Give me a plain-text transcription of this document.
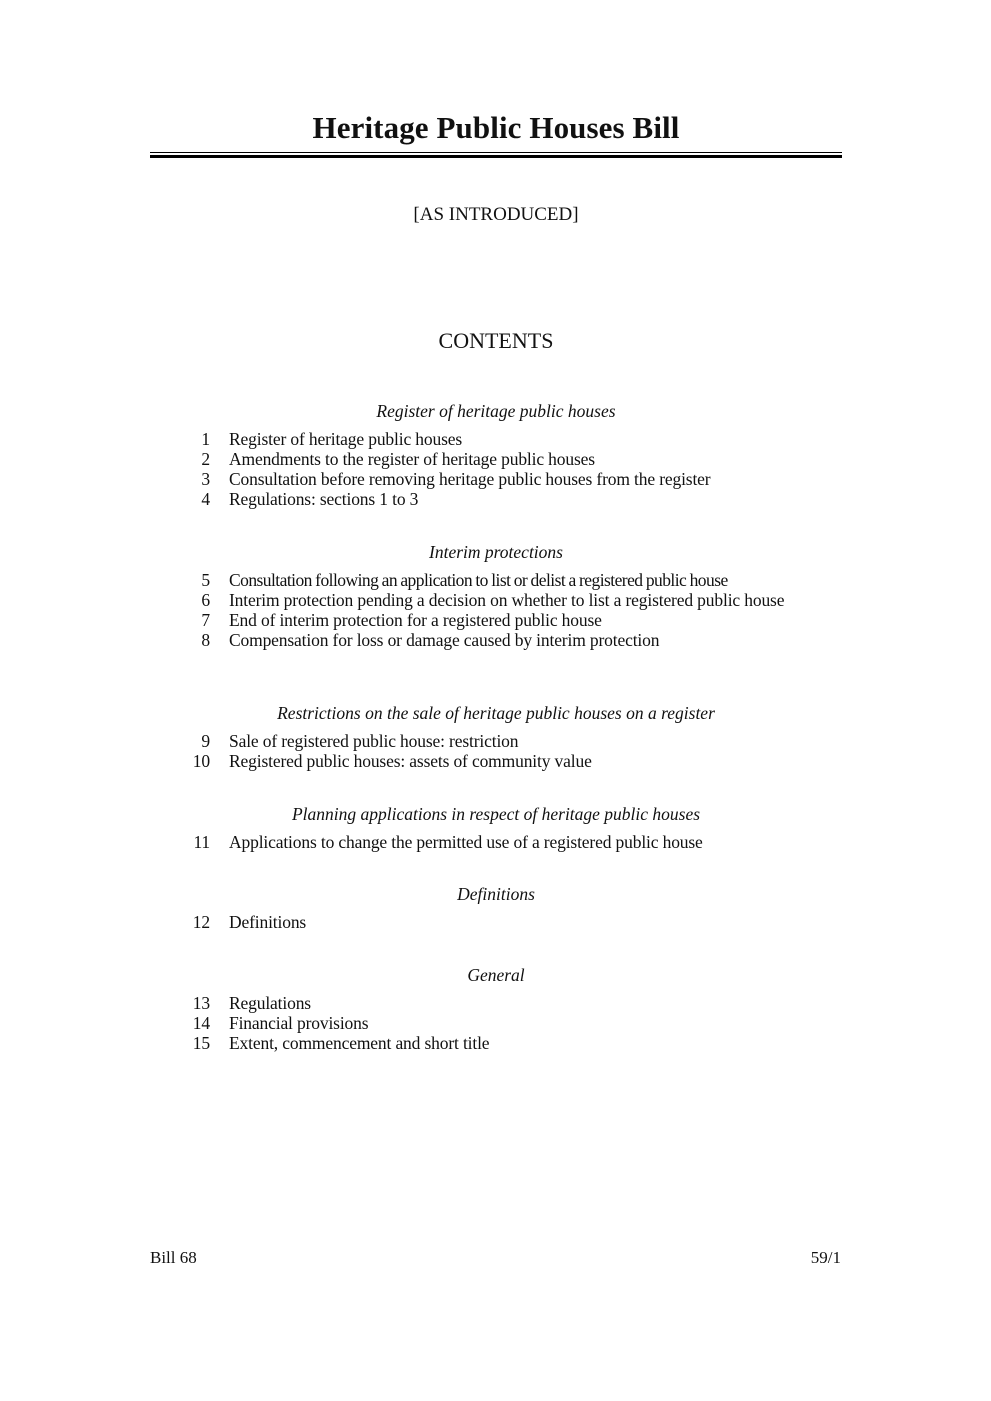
Heritage Public Houses Bill
[AS INTRODUCED]
CONTENTS
Register of heritage public houses
1 Register of heritage public houses
2 Amendments to the register of heritage public houses
3 Consultation before removing heritage public houses from the register
4 Regulations: sections 1 to 3
Interim protections
5 Consultation following an application to list or delist a registered public house
6 Interim protection pending a decision on whether to list a registered public house
7 End of interim protection for a registered public house
8 Compensation for loss or damage caused by interim protection
Restrictions on the sale of heritage public houses on a register
9 Sale of registered public house: restriction
10 Registered public houses: assets of community value
Planning applications in respect of heritage public houses
11 Applications to change the permitted use of a registered public house
Definitions
12 Definitions
General
13 Regulations
14 Financial provisions
15 Extent, commencement and short title
Bill 68	59/1
